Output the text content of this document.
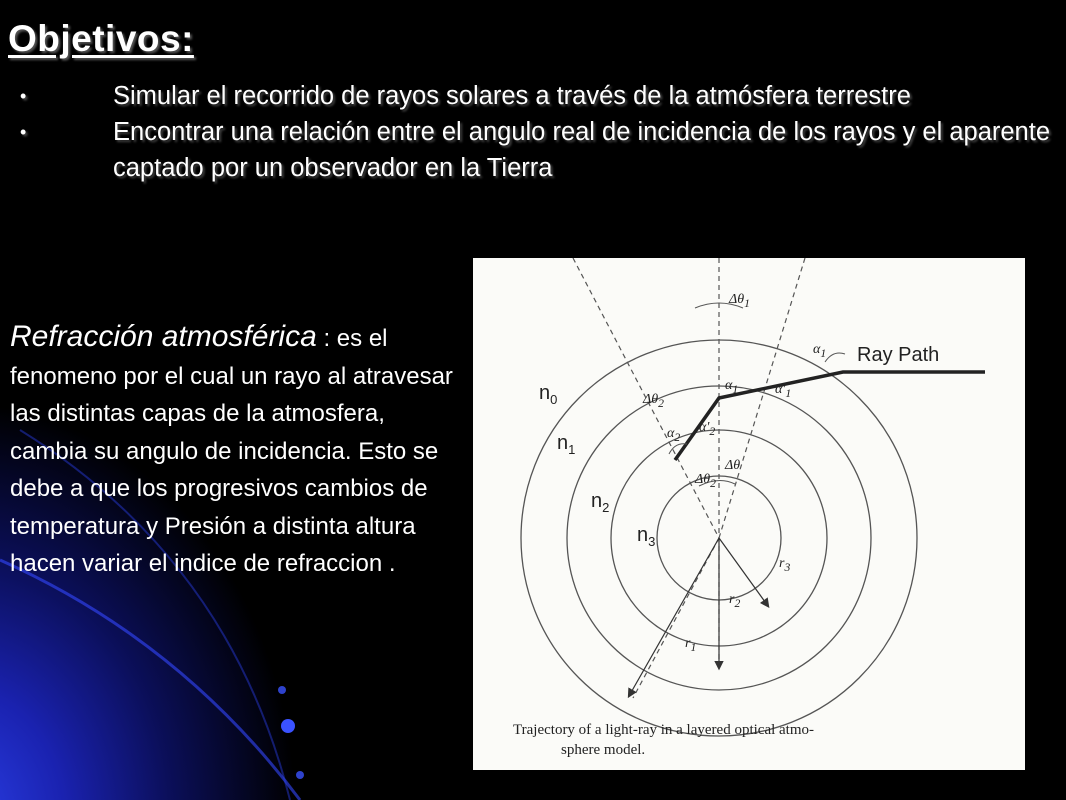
Objetivos:
•	Simular el recorrido de rayos solares a través de la atmósfera terrestre
•	Encontrar una relación entre el angulo real de incidencia de los rayos y el aparente captado por un observador en la Tierra
Refracción atmosférica : es el fenomeno por el cual un rayo al atravesar las distintas capas de la atmosfera, cambia su angulo de incidencia. Esto se debe a que los progresivos cambios de temperatura y Presión a distinta altura hacen variar el indice de refraccion .
Ray Path
$n_0$
$n_1$
$n_2$
$n_3$
$r_1$
$r_2$
$r_3$
$\alpha_1$
$\alpha_1$	$\alpha'_1$
$\alpha_2$
$\alpha'_2$
$\Delta\theta_1$
$\Delta\theta_2$
$\Delta\theta_2$
Δθ
Trajectory of a light-ray in a layered optical atmo-
sphere model.
